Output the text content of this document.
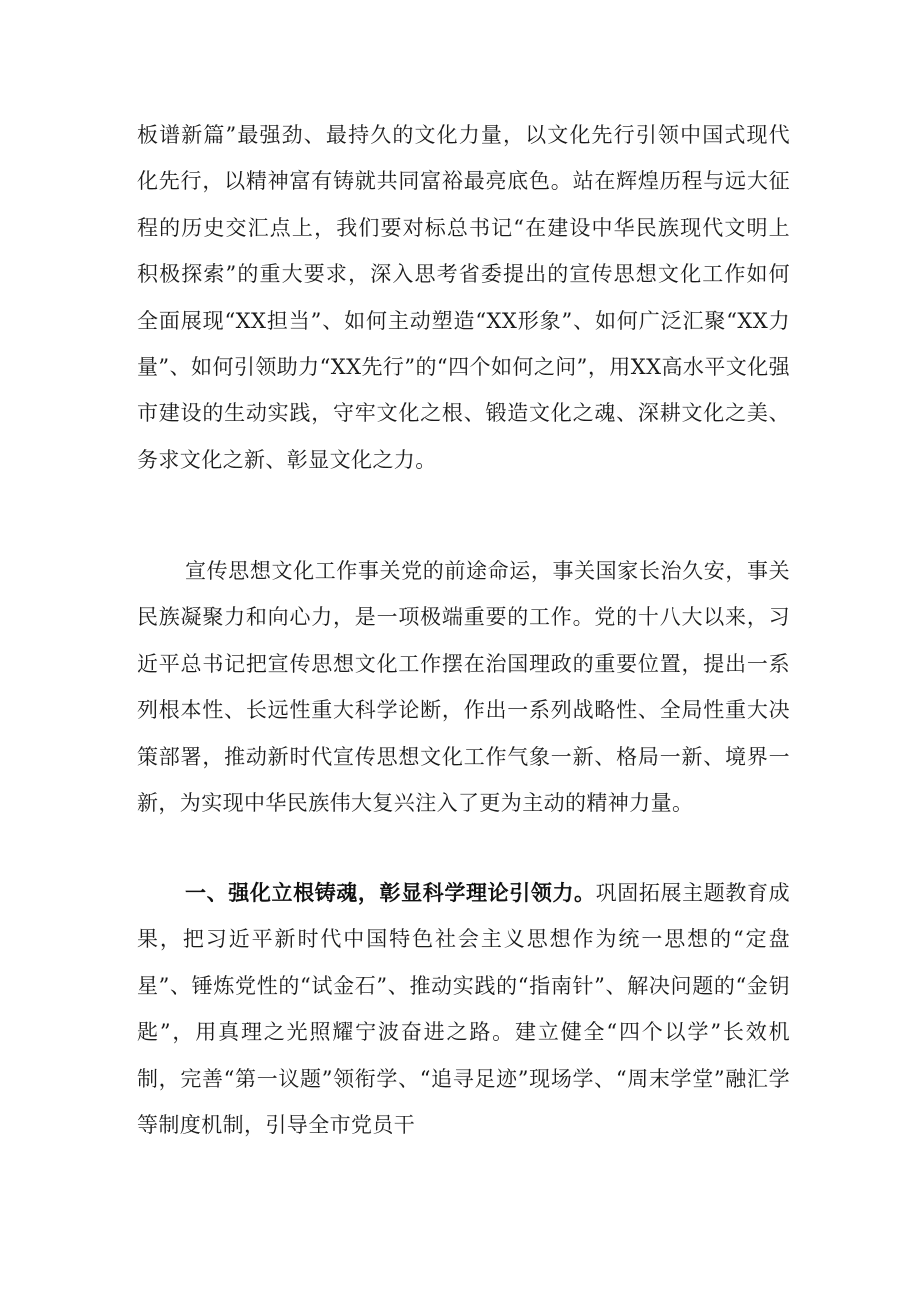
板谱新篇”最强劲、最持久的文化力量，以文化先行引领中国式现代化先行，以精神富有铸就共同富裕最亮底色。站在辉煌历程与远大征程的历史交汇点上，我们要对标总书记“在建设中华民族现代文明上积极探索”的重大要求，深入思考省委提出的宣传思想文化工作如何全面展现“XX担当”、如何主动塑造“XX形象”、如何广泛汇聚“XX力量”、如何引领助力“XX先行”的“四个如何之问”，用XX高水平文化强市建设的生动实践，守牢文化之根、锻造文化之魂、深耕文化之美、务求文化之新、彰显文化之力。

宣传思想文化工作事关党的前途命运，事关国家长治久安，事关民族凝聚力和向心力，是一项极端重要的工作。党的十八大以来，习近平总书记把宣传思想文化工作摆在治国理政的重要位置，提出一系列根本性、长远性重大科学论断，作出一系列战略性、全局性重大决策部署，推动新时代宣传思想文化工作气象一新、格局一新、境界一新，为实现中华民族伟大复兴注入了更为主动的精神力量。

一、强化立根铸魂，彰显科学理论引领力。巩固拓展主题教育成果，把习近平新时代中国特色社会主义思想作为统一思想的“定盘星”、锤炼党性的“试金石”、推动实践的“指南针”、解决问题的“金钥匙”，用真理之光照耀宁波奋进之路。建立健全“四个以学”长效机制，完善“第一议题”领衔学、“追寻足迹”现场学、“周末学堂”融汇学等制度机制，引导全市党员干
